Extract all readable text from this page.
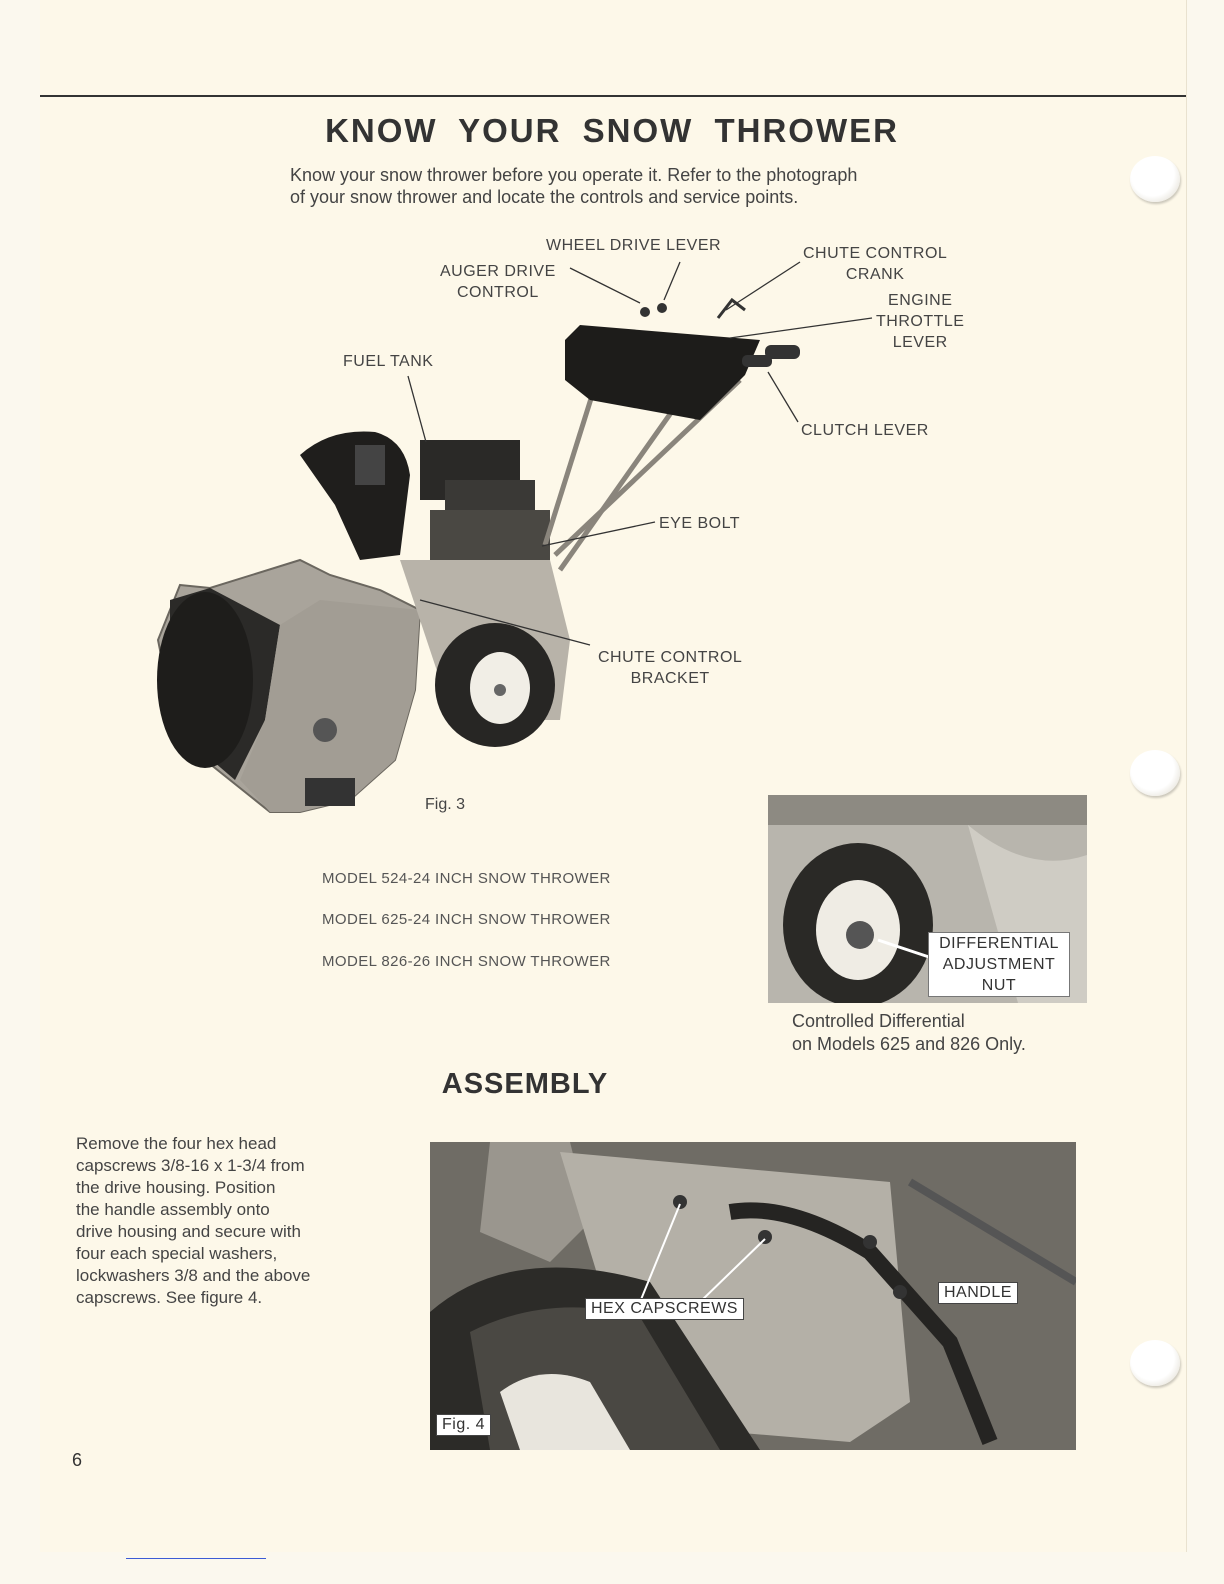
KNOW YOUR SNOW THROWER
Know your snow thrower before you operate it. Refer to the photograph
of your snow thrower and locate the controls and service points.
WHEEL DRIVE LEVER
AUGER DRIVE
CONTROL
CHUTE CONTROL
CRANK
ENGINE
THROTTLE
LEVER
FUEL TANK
CLUTCH LEVER
EYE BOLT
CHUTE CONTROL
BRACKET
Fig. 3
MODEL 524-24 INCH SNOW THROWER
MODEL 625-24 INCH SNOW THROWER
MODEL 826-26 INCH SNOW THROWER
DIFFERENTIAL
ADJUSTMENT
NUT
Controlled Differential
on Models 625 and 826 Only.
ASSEMBLY
Remove the four hex head
capscrews 3/8-16 x 1-3/4 from
the drive housing. Position
the handle assembly onto
drive housing and secure with
four each special washers,
lockwashers 3/8 and the above
capscrews. See figure 4.
HEX CAPSCREWS
HANDLE
Fig. 4
6
